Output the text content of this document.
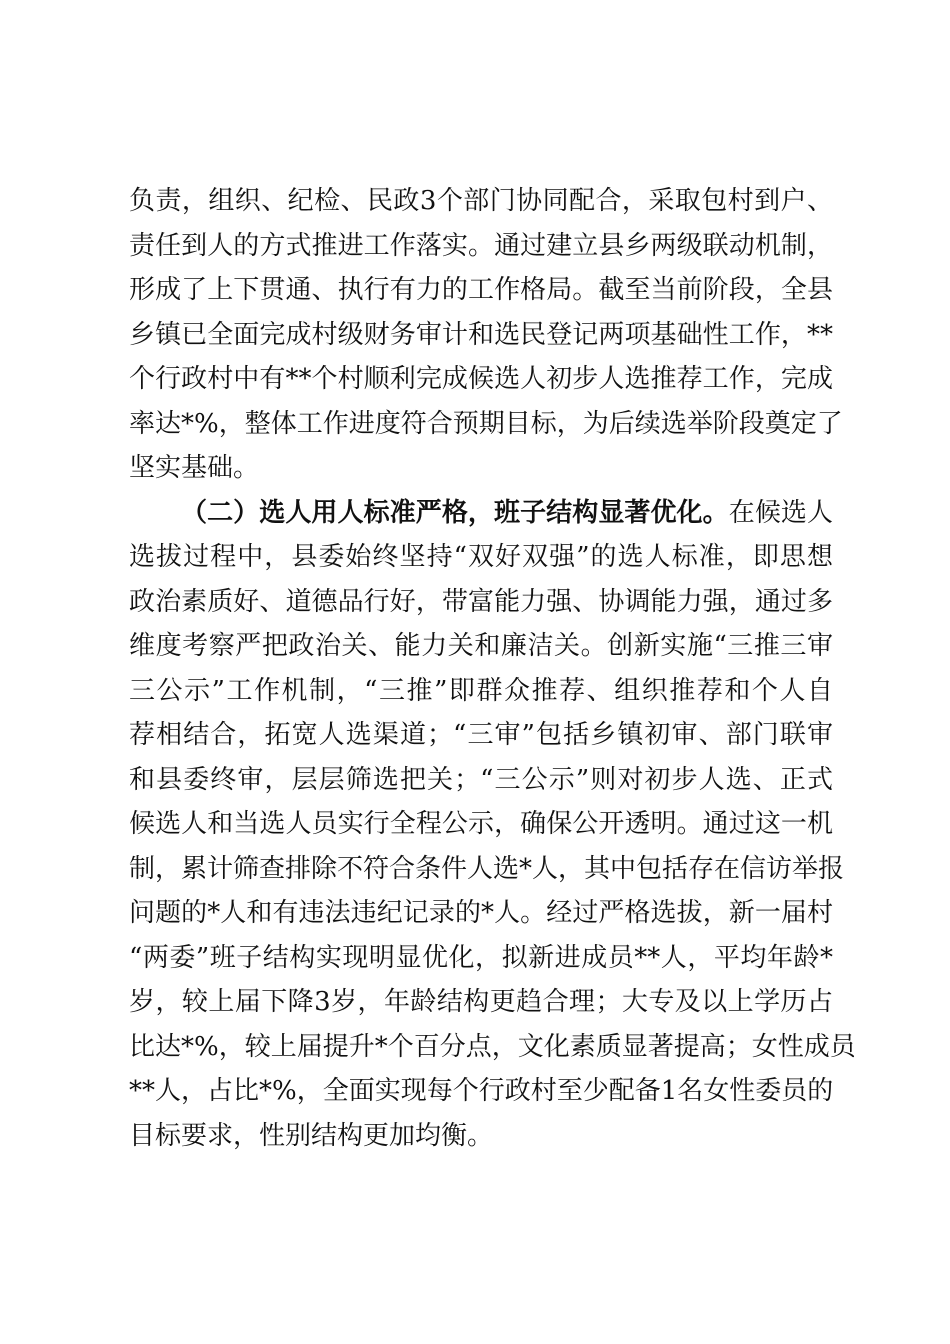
负责，组织、纪检、民政3个部门协同配合，采取包村到户、
责任到人的方式推进工作落实。通过建立县乡两级联动机制，
形成了上下贯通、执行有力的工作格局。截至当前阶段，全县
乡镇已全面完成村级财务审计和选民登记两项基础性工作，**
个行政村中有**个村顺利完成候选人初步人选推荐工作，完成
率达*%，整体工作进度符合预期目标，为后续选举阶段奠定了
坚实基础。
（二）选人用人标准严格，班子结构显著优化。在候选人
选拔过程中，县委始终坚持“双好双强”的选人标准，即思想
政治素质好、道德品行好，带富能力强、协调能力强，通过多
维度考察严把政治关、能力关和廉洁关。创新实施“三推三审
三公示”工作机制，“三推”即群众推荐、组织推荐和个人自
荐相结合，拓宽人选渠道；“三审”包括乡镇初审、部门联审
和县委终审，层层筛选把关；“三公示”则对初步人选、正式
候选人和当选人员实行全程公示，确保公开透明。通过这一机
制，累计筛查排除不符合条件人选*人，其中包括存在信访举报
问题的*人和有违法违纪记录的*人。经过严格选拔，新一届村
“两委”班子结构实现明显优化，拟新进成员**人，平均年龄*
岁，较上届下降3岁，年龄结构更趋合理；大专及以上学历占
比达*%，较上届提升*个百分点，文化素质显著提高；女性成员
**人，占比*%，全面实现每个行政村至少配备1名女性委员的
目标要求，性别结构更加均衡。
